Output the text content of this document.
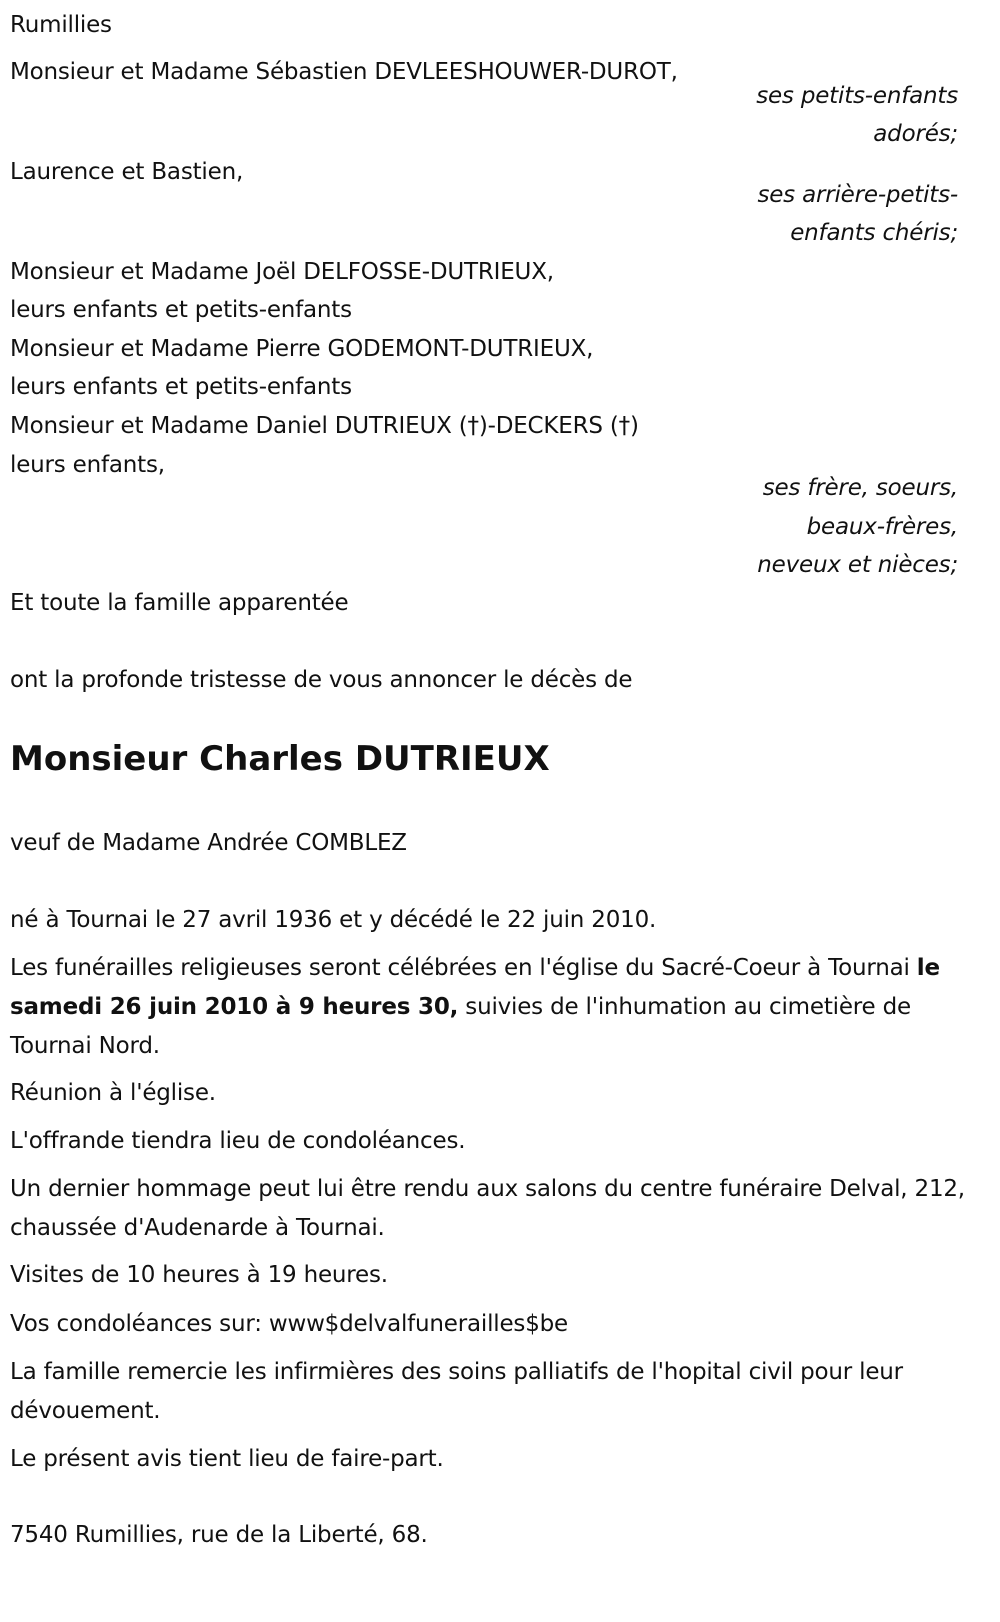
Rumillies
Monsieur et Madame Sébastien DEVLEESHOUWER-DUROT,
ses petits-enfants
adorés;
Laurence et Bastien,
ses arrière-petits-
enfants chéris;
Monsieur et Madame Joël DELFOSSE-DUTRIEUX,
leurs enfants et petits-enfants
Monsieur et Madame Pierre GODEMONT-DUTRIEUX,
leurs enfants et petits-enfants
Monsieur et Madame Daniel DUTRIEUX (†)-DECKERS (†)
leurs enfants,
ses frère, soeurs,
beaux-frères,
neveux et nièces;
Et toute la famille apparentée
ont la profonde tristesse de vous annoncer le décès de
Monsieur Charles DUTRIEUX
veuf de Madame Andrée COMBLEZ
né à Tournai le 27 avril 1936 et y décédé le 22 juin 2010.
Les funérailles religieuses seront célébrées en l'église du Sacré-Coeur à Tournai le samedi 26 juin 2010 à 9 heures 30, suivies de l'inhumation au cimetière de Tournai Nord.
Réunion à l'église.
L'offrande tiendra lieu de condoléances.
Un dernier hommage peut lui être rendu aux salons du centre funéraire Delval, 212, chaussée d'Audenarde à Tournai.
Visites de 10 heures à 19 heures.
Vos condoléances sur: www$delvalfunerailles$be
La famille remercie les infirmières des soins palliatifs de l'hopital civil pour leur dévouement.
Le présent avis tient lieu de faire-part.
7540 Rumillies, rue de la Liberté, 68.
